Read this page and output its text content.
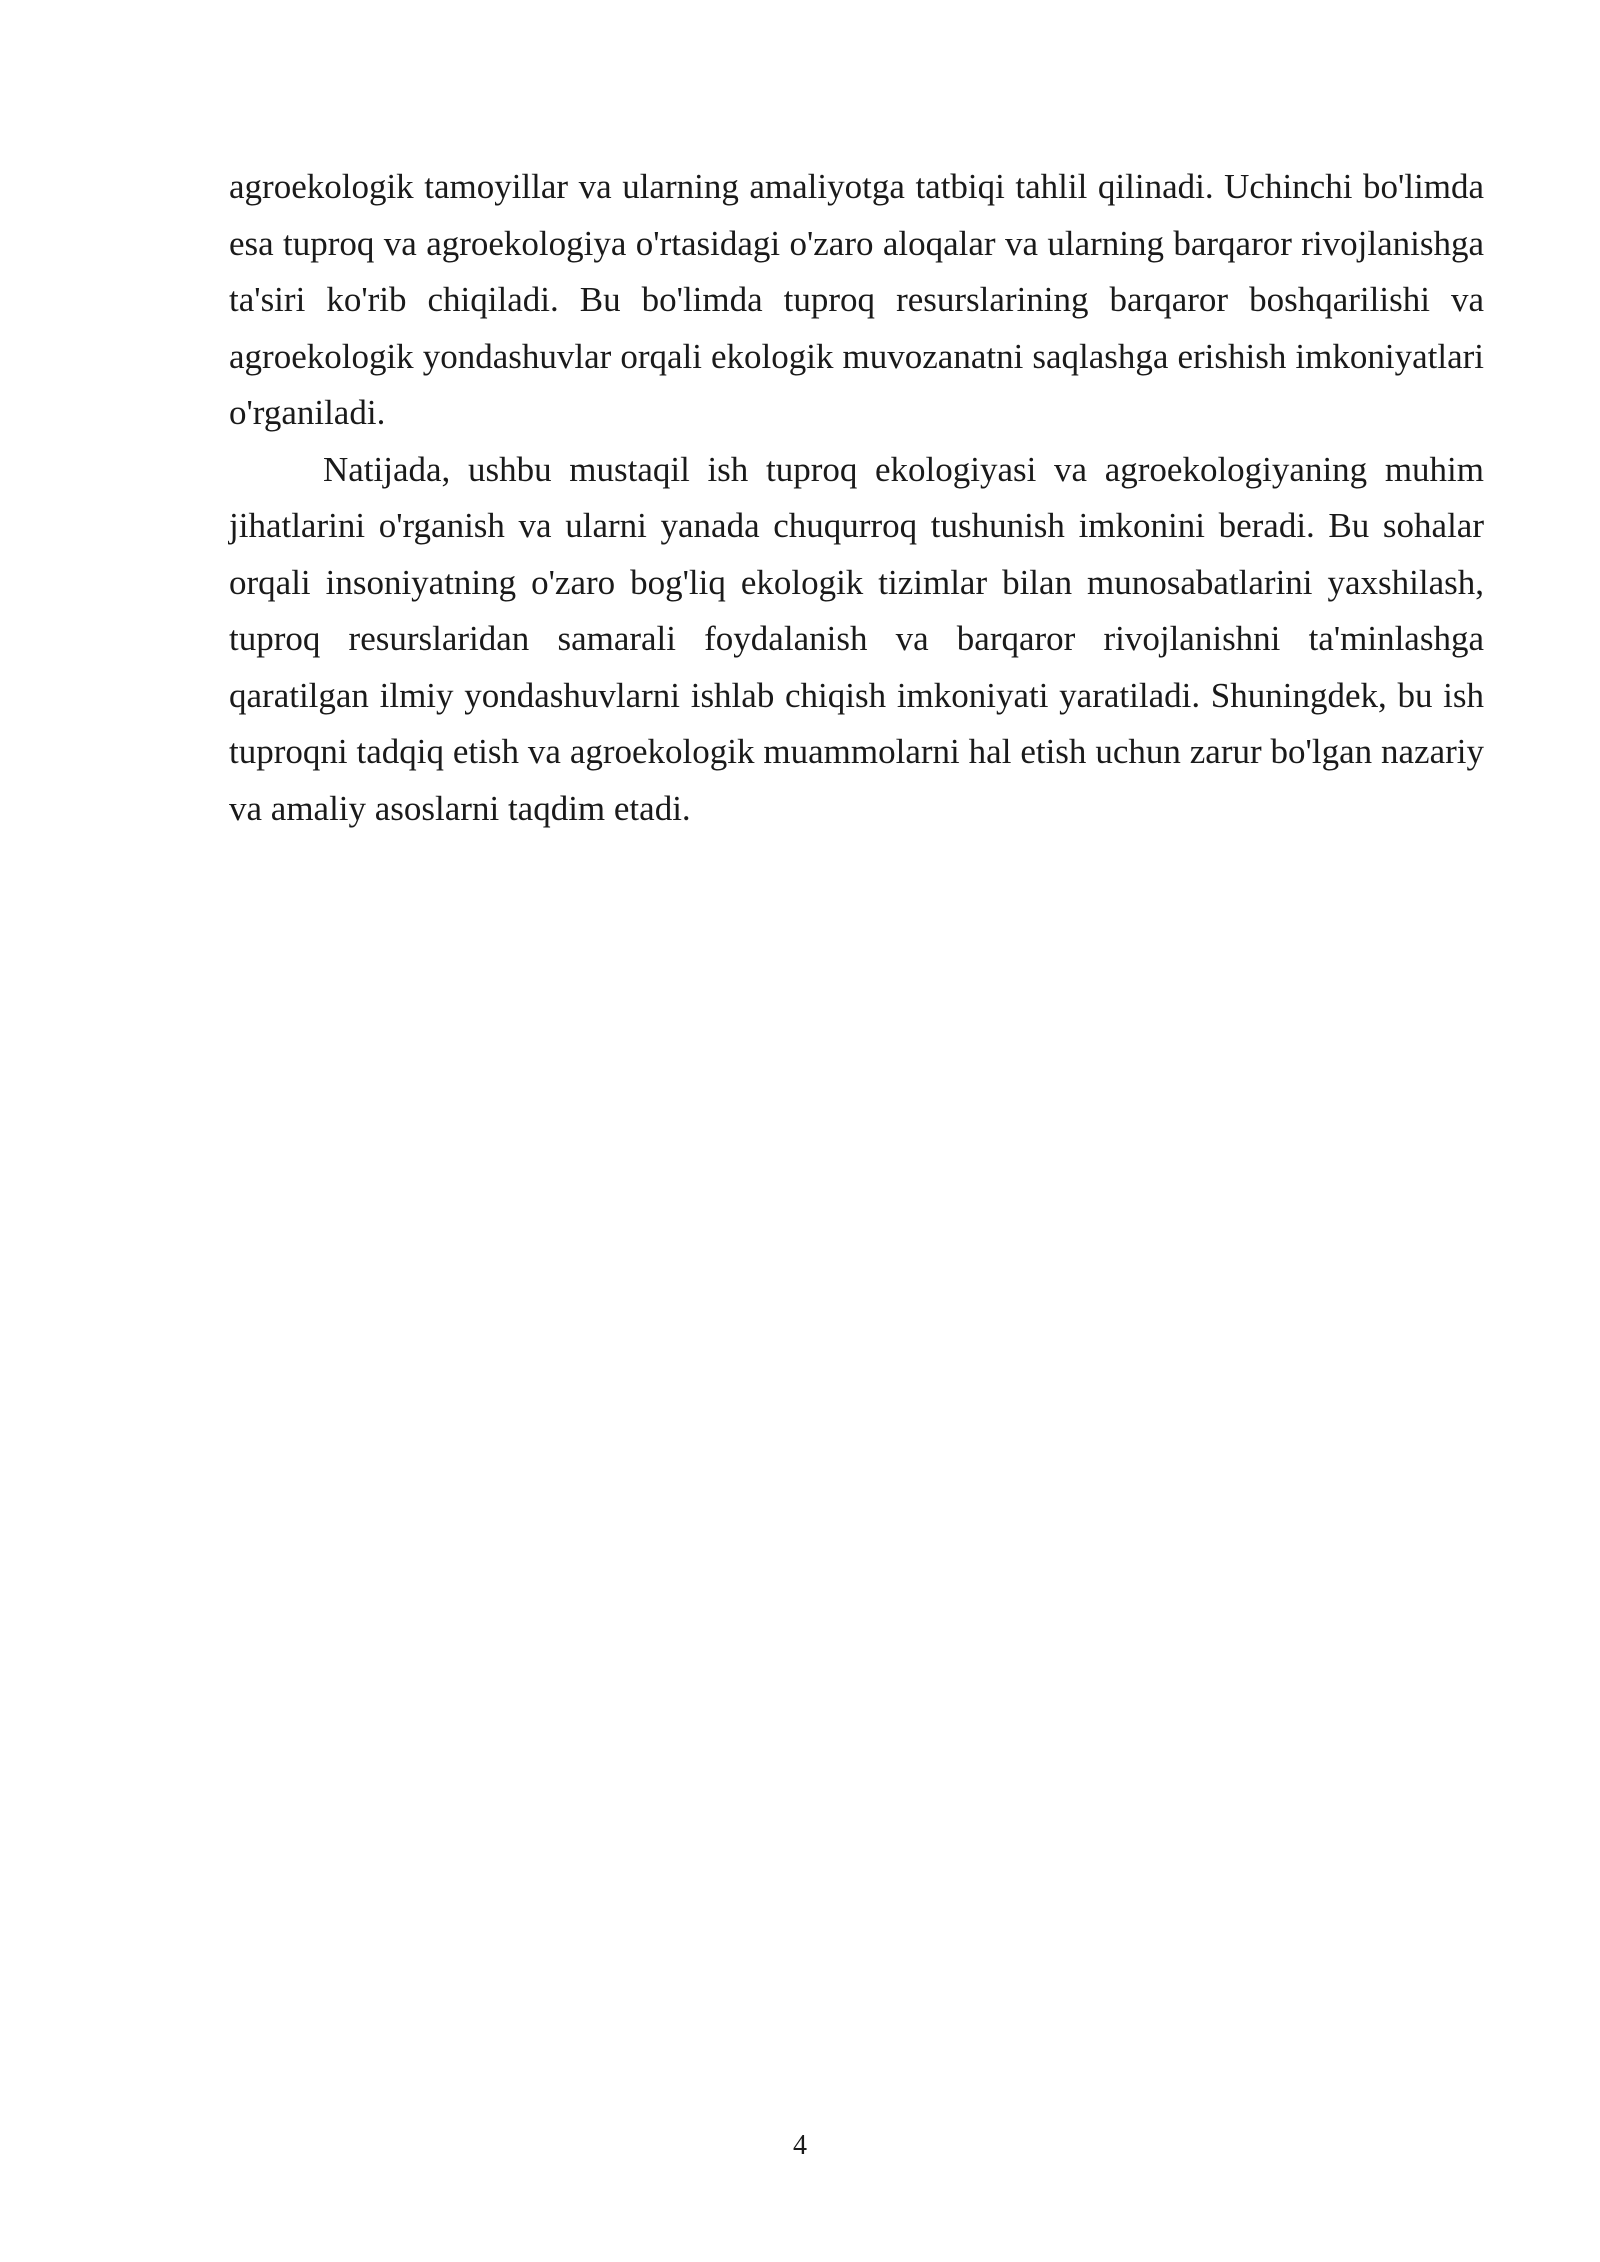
agroekologik tamoyillar va ularning amaliyotga tatbiqi tahlil qilinadi. Uchinchi bo'limda esa tuproq va agroekologiya o'rtasidagi o'zaro aloqalar va ularning barqaror rivojlanishga ta'siri ko'rib chiqiladi. Bu bo'limda tuproq resurslarining barqaror boshqarilishi va agroekologik yondashuvlar orqali ekologik muvozanatni saqlashga erishish imkoniyatlari o'rganiladi.

Natijada, ushbu mustaqil ish tuproq ekologiyasi va agroekologiyaning muhim jihatlarini o'rganish va ularni yanada chuqurroq tushunish imkonini beradi. Bu sohalar orqali insoniyatning o'zaro bog'liq ekologik tizimlar bilan munosabatlarini yaxshilash, tuproq resurslaridan samarali foydalanish va barqaror rivojlanishni ta'minlashga qaratilgan ilmiy yondashuvlarni ishlab chiqish imkoniyati yaratiladi. Shuningdek, bu ish tuproqni tadqiq etish va agroekologik muammolarni hal etish uchun zarur bo'lgan nazariy va amaliy asoslarni taqdim etadi.

4
